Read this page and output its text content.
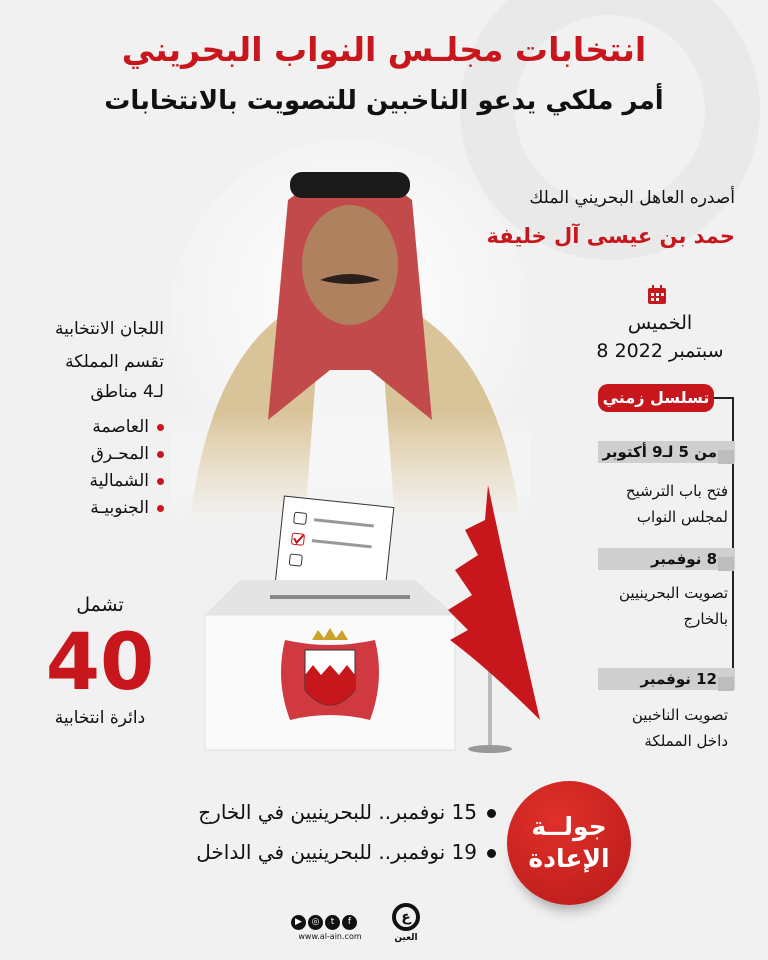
انتخابات مجلـس النواب البحريني
أمر ملكي يدعو الناخبين للتصويت بالانتخابات
أصدره العاهل البحريني الملك
حمد بن عيسى آل خليفة
الخميس
8 سبتمبر 2022
تسلسل زمني
من 5 لـ9 أكتوبر
فتح باب الترشيح
لمجلس النواب
8 نوفمبر
تصويت البحرينيين
بالخارج
12 نوفمبر
تصويت الناخبين
داخل المملكة
اللجان الانتخابية
تقسم المملكة
لـ4 مناطق
العاصمة
المحـرق
الشمالية
الجنوبيـة
تشمل
40
دائرة انتخابية
جولــة
الإعادة
15 نوفمبر.. للبحرينيين في الخارج
19 نوفمبر.. للبحرينيين في الداخل
▶ ◎ t f
www.al-ain.com
ع
العين
